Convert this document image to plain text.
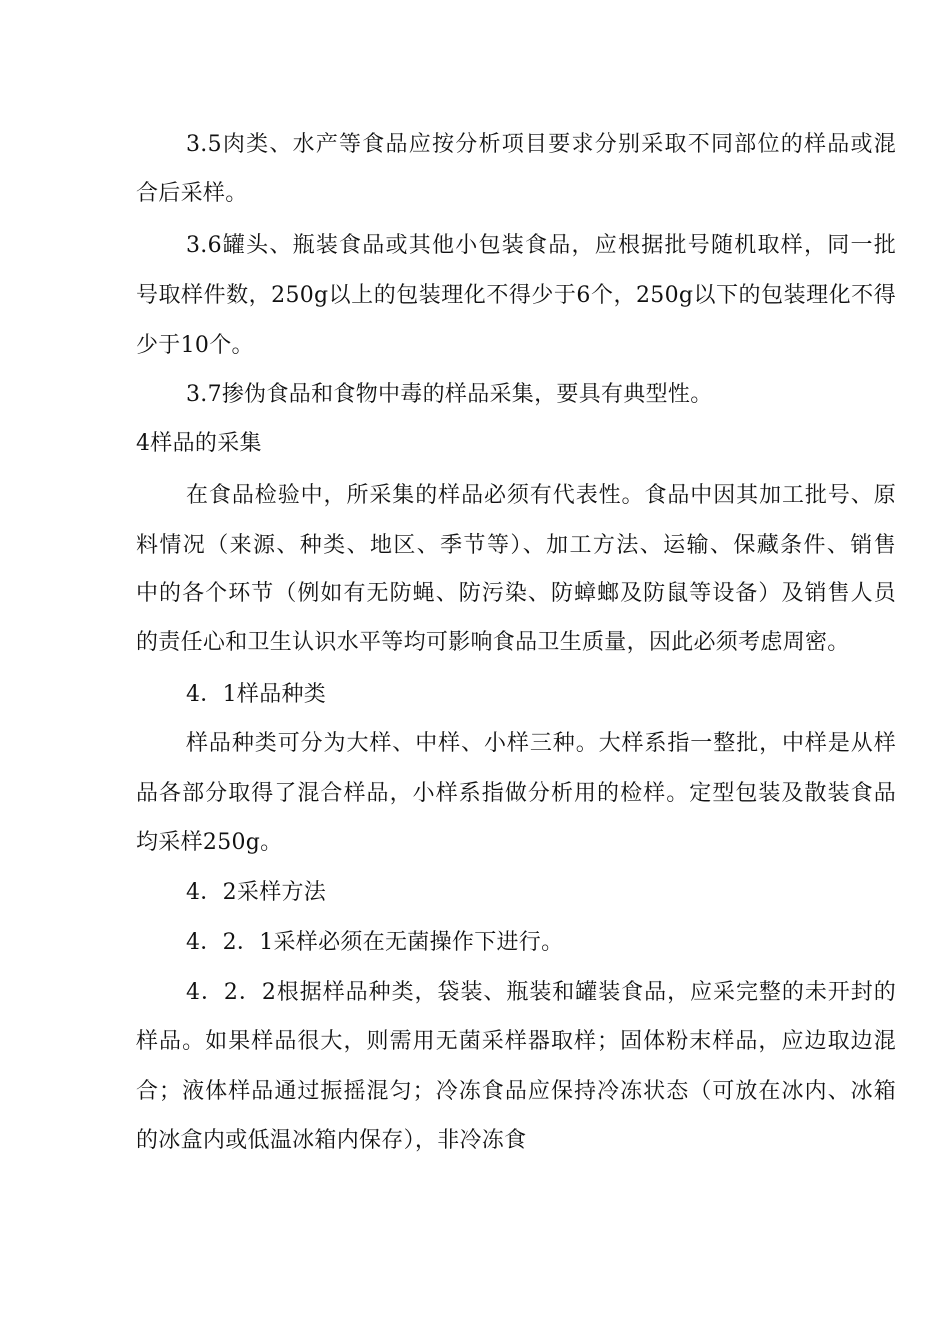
3.5肉类、水产等食品应按分析项目要求分别采取不同部位的样品或混
合后采样。
3.6罐头、瓶装食品或其他小包装食品，应根据批号随机取样，同一批
号取样件数，250g以上的包装理化不得少于6个，250g以下的包装理化不得
少于10个。
3.7掺伪食品和食物中毒的样品采集，要具有典型性。
4样品的采集
在食品检验中，所采集的样品必须有代表性。食品中因其加工批号、原
料情况（来源、种类、地区、季节等）、加工方法、运输、保藏条件、销售
中的各个环节（例如有无防蝇、防污染、防蟑螂及防鼠等设备）及销售人员
的责任心和卫生认识水平等均可影响食品卫生质量，因此必须考虑周密。
4．1样品种类
样品种类可分为大样、中样、小样三种。大样系指一整批，中样是从样
品各部分取得了混合样品，小样系指做分析用的检样。定型包装及散装食品
均采样250g。
4．2采样方法
4．2．1采样必须在无菌操作下进行。
4．2．2根据样品种类，袋装、瓶装和罐装食品，应采完整的未开封的
样品。如果样品很大，则需用无菌采样器取样；固体粉末样品，应边取边混
合；液体样品通过振摇混匀；冷冻食品应保持冷冻状态（可放在冰内、冰箱
的冰盒内或低温冰箱内保存），非冷冻食
